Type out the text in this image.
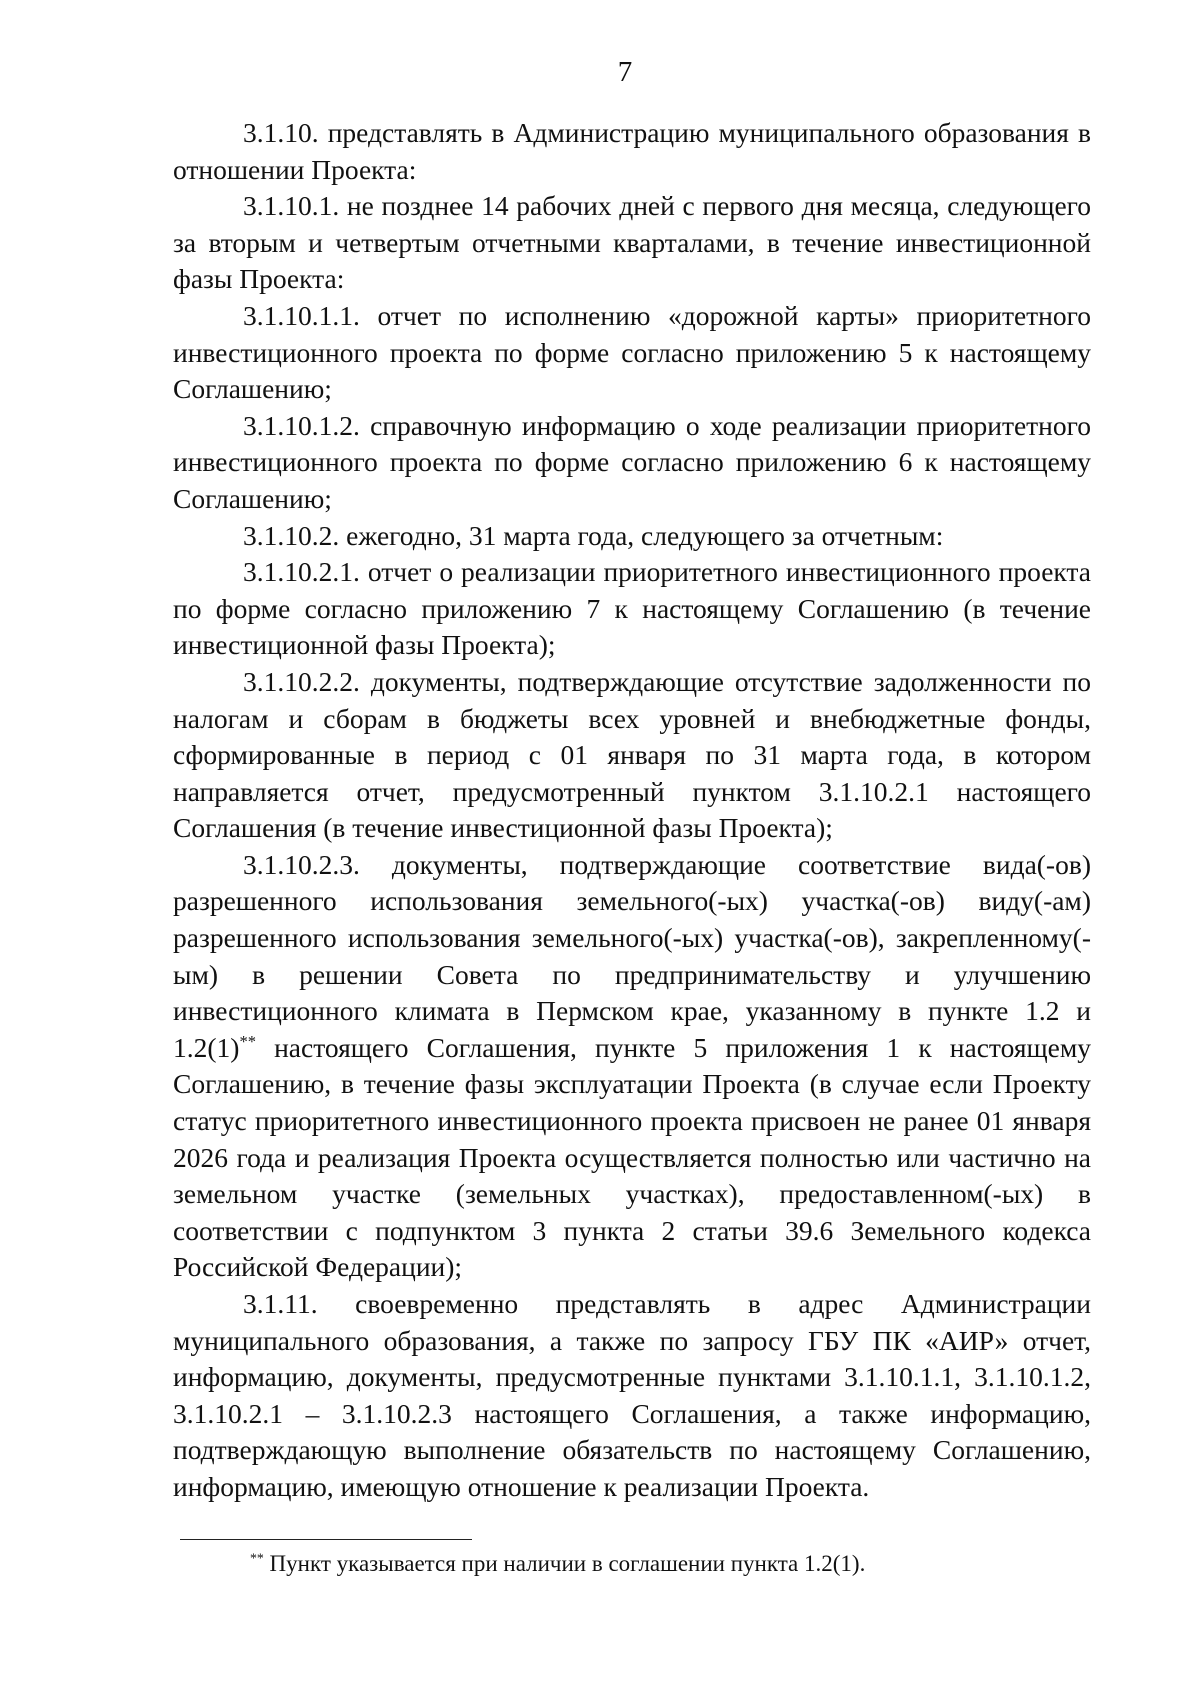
7

3.1.10. представлять в Администрацию муниципального образования в отношении Проекта:

3.1.10.1. не позднее 14 рабочих дней с первого дня месяца, следующего за вторым и четвертым отчетными кварталами, в течение инвестиционной фазы Проекта:

3.1.10.1.1. отчет по исполнению «дорожной карты» приоритетного инвестиционного проекта по форме согласно приложению 5 к настоящему Соглашению;

3.1.10.1.2. справочную информацию о ходе реализации приоритетного инвестиционного проекта по форме согласно приложению 6 к настоящему Соглашению;

3.1.10.2. ежегодно, 31 марта года, следующего за отчетным:

3.1.10.2.1. отчет о реализации приоритетного инвестиционного проекта по форме согласно приложению 7 к настоящему Соглашению (в течение инвестиционной фазы Проекта);

3.1.10.2.2. документы, подтверждающие отсутствие задолженности по налогам и сборам в бюджеты всех уровней и внебюджетные фонды, сформированные в период с 01 января по 31 марта года, в котором направляется отчет, предусмотренный пунктом 3.1.10.2.1 настоящего Соглашения (в течение инвестиционной фазы Проекта);

3.1.10.2.3. документы, подтверждающие соответствие вида(-ов) разрешенного использования земельного(-ых) участка(-ов) виду(-ам) разрешенного использования земельного(-ых) участка(-ов), закрепленному(-ым) в решении Совета по предпринимательству и улучшению инвестиционного климата в Пермском крае, указанному в пункте 1.2 и 1.2(1)** настоящего Соглашения, пункте 5 приложения 1 к настоящему Соглашению, в течение фазы эксплуатации Проекта (в случае если Проекту статус приоритетного инвестиционного проекта присвоен не ранее 01 января 2026 года и реализация Проекта осуществляется полностью или частично на земельном участке (земельных участках), предоставленном(-ых) в соответствии с подпунктом 3 пункта 2 статьи 39.6 Земельного кодекса Российской Федерации);

3.1.11. своевременно представлять в адрес Администрации муниципального образования, а также по запросу ГБУ ПК «АИР» отчет, информацию, документы, предусмотренные пунктами 3.1.10.1.1, 3.1.10.1.2, 3.1.10.2.1 – 3.1.10.2.3 настоящего Соглашения, а также информацию, подтверждающую выполнение обязательств по настоящему Соглашению, информацию, имеющую отношение к реализации Проекта.

** Пункт указывается при наличии в соглашении пункта 1.2(1).
